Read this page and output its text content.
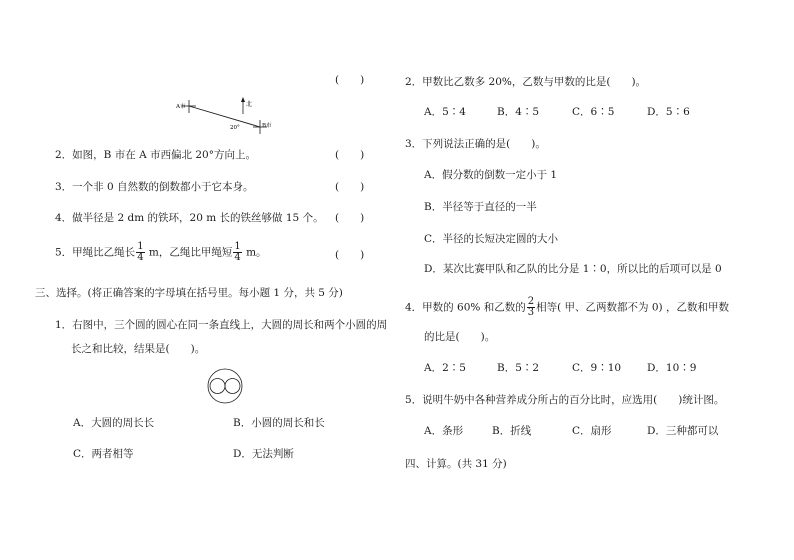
(　　)
A市	北
20°	B市
2．如图，B 市在 A 市西偏北 20°方向上。	(　　)
3．一个非 0 自然数的倒数都小于它本身。	(　　)
4．做半径是 2 dm 的铁环，20 m 长的铁丝够做 15 个。 (　　)
5．甲绳比乙绳长 $\frac{1}{4}$ m，乙绳比甲绳短 $\frac{1}{4}$ m。	(　　)
三、选择。(将正确答案的字母填在括号里。每小题 1 分，共 5 分)
1．右图中，三个圆的圆心在同一条直线上，大圆的周长和两个小圆的周
长之和比较，结果是(　　)。
A．大圆的周长长	B．小圆的周长和长
C．两者相等	D．无法判断
2．甲数比乙数多 20%，乙数与甲数的比是(　　)。
A．5∶4	B．4∶5	C．6∶5	D．5∶6
3．下列说法正确的是(　　)。
A．假分数的倒数一定小于 1
B．半径等于直径的一半
C．半径的长短决定圆的大小
D．某次比赛甲队和乙队的比分是 1∶0，所以比的后项可以是 0
4．甲数的 60% 和乙数的 $\frac{2}{3}$ 相等( 甲、乙两数都不为 0) ，乙数和甲数
的比是(　　)。
A．2∶5	B．5∶2	C．9∶10 D．10∶9
5．说明牛奶中各种营养成分所占的百分比时，应选用(　　)统计图。
A．条形	B．折线	C．扇形	D．三种都可以
四、计算。(共 31 分)
